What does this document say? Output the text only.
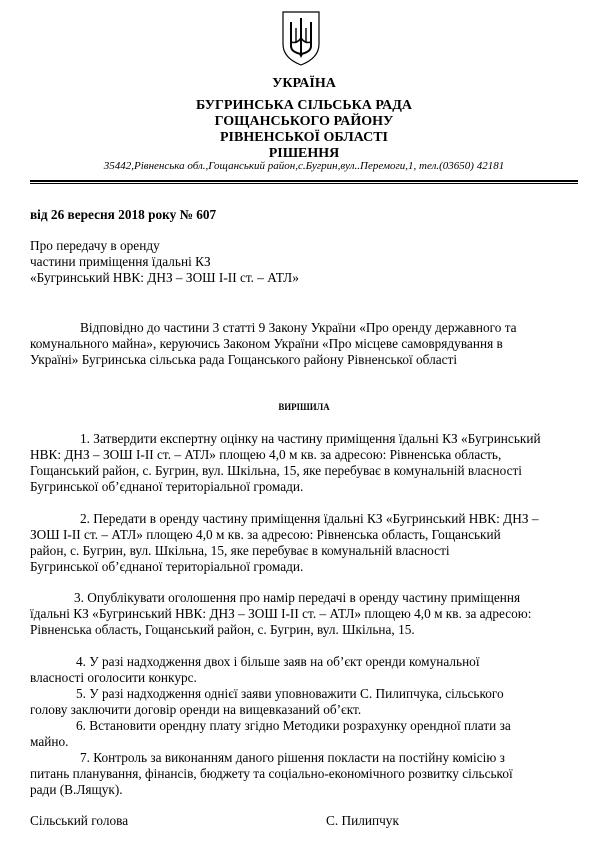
УКРАЇНА
БУГРИНСЬКА СІЛЬСЬКА РАДА
ГОЩАНСЬКОГО РАЙОНУ
РІВНЕНСЬКОЇ ОБЛАСТІ
РІШЕННЯ
35442,Рівненська обл.,Гощанський район,с.Бугрин,вул..Перемоги,1, тел.(03650) 42181
від 26 вересня 2018 року № 607
Про передачу в оренду
частини приміщення їдальні КЗ
«Бугринський НВК: ДНЗ – ЗОШ І-ІІ ст. – АТЛ»
Відповідно до частини 3 статті 9 Закону України «Про оренду державного та
комунального майна», керуючись Законом України «Про місцеве самоврядування в
Україні» Бугринська сільська рада Гощанського району Рівненської області
ВИРІШИЛА
1. Затвердити експертну оцінку на частину приміщення їдальні КЗ «Бугринський
НВК: ДНЗ – ЗОШ І-ІІ ст. – АТЛ» площею 4,0 м кв. за адресою: Рівненська область,
Гощанський район, с. Бугрин, вул. Шкільна, 15, яке перебуває в комунальній власності
Бугринської об’єднаної територіальної громади.
2. Передати в оренду частину приміщення їдальні КЗ «Бугринський НВК: ДНЗ –
ЗОШ І-ІІ ст. – АТЛ» площею 4,0 м кв. за адресою: Рівненська область, Гощанський
район, с. Бугрин, вул. Шкільна, 15, яке перебуває в комунальній власності
Бугринської об’єднаної територіальної громади.
3. Опублікувати оголошення про намір передачі в оренду частину приміщення
їдальні КЗ «Бугринський НВК: ДНЗ – ЗОШ І-ІІ ст. – АТЛ» площею 4,0 м кв. за адресою:
Рівненська область, Гощанський район, с. Бугрин, вул. Шкільна, 15.
4. У разі надходження двох і більше заяв на об’єкт оренди комунальної
власності оголосити конкурс.
5. У разі надходження однієї заяви уповноважити С. Пилипчука, сільського
голову заключити договір оренди на вищевказаний об’єкт.
6. Встановити орендну плату згідно Методики розрахунку орендної плати за
майно.
7. Контроль за виконанням даного рішення покласти на постійну комісію з
питань планування, фінансів, бюджету та соціально-економічного розвитку сільської
ради (В.Лящук).
Сільський голова	С. Пилипчук
